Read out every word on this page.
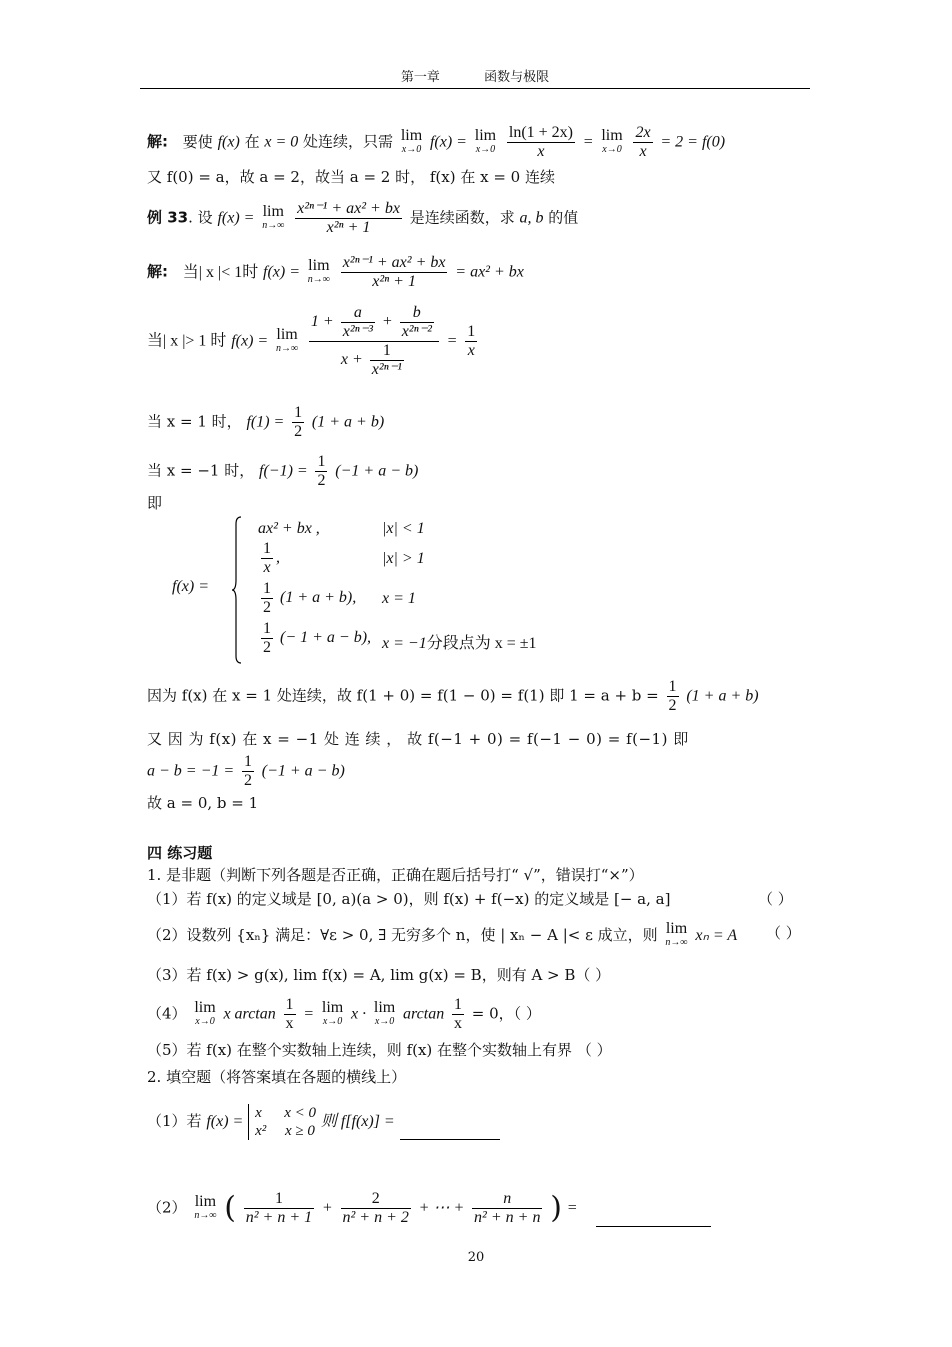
第一章	函数与极限
解: 要使 f(x) 在 x = 0 处连续，只需 lim
x→0 f(x) = lim
x→0
$\frac{\ln(1 + 2x)}{x} = \lim$
x→0
$\frac{2x}{x} = 2 = f(0)$
又 f(0) = a，故 a = 2，故当 a = 2 时， f(x) 在 x = 0 连续
例 33. 设 f(x) = lim
n→∞
$\frac{\text{x²ⁿ⁻¹ + ax² + bx}}{\text{x²ⁿ + 1}}$ 是连续函数，求 a, b 的值
解: 当| x |< 1时 f(x) = lim
n→∞
$\frac{\text{x²ⁿ⁻¹ + ax² + bx}}{\text{x²ⁿ + 1}} = ax^2$ + bx
当| x |> 1 时 f(x) = lim
n→∞
$\frac{1 + \frac{a}{\text{x²ⁿ⁻³}} + \frac{b}{\text{x²ⁿ⁻²}}}{x + \frac{1}{\text{x²ⁿ⁻¹}}} = \frac{1}{x}$
当 x = 1 时， $f(1) = \frac{1}{2} (1 + a + b)$
当 x = −1 时， $f(-1) = \frac{1}{2} (-1 + a - b)$
即
f(x) =
ax² + bx ,	|x| < 1
$\frac{1}{x}$ ,	|x| > 1
$\frac{1}{2} (1 + a + b)$, x = 1
$\frac{1}{2}$ (− 1 + a − b), x = −1分段点为 x = ±1
因为 f(x) 在 x = 1 处连续，故 f(1 + 0) = f(1 − 0) = f(1) 即 $1 = a + b = \frac{1}{2} (1 + a + b)$
又 因 为 f(x) 在 x = −1 处 连 续 ， 故 f(−1 + 0) = f(−1 − 0) = f(−1) 即
$a - b = -1 = \frac{1}{2} (-1 + a - b)$
故 a = 0, b = 1
四 练习题
1. 是非题（判断下列各题是否正确，正确在题后括号打“ √”，错误打“×”）
（1）若 f(x) 的定义域是 [0, a)(a > 0)，则 f(x) + f(−x) 的定义域是 [− a, a]	（ ）
（2）设数列 {xₙ} 满足：∀ε > 0, ∃ 无穷多个 n，使 | xₙ − A |< ε 成立，则 lim
n→∞ xₙ = A （ ）
（3）若 f(x) > g(x), lim f(x) = A, lim g(x) = B，则有 A > B（ ）
（4） lim
x→0 x $\arctan \frac{1}{x} = \lim$
x→0 x · lim
x→0 $\arctan \frac{1}{x} = 0$，（ ）
（5）若 f(x) 在整个实数轴上连续，则 f(x) 在整个实数轴上有界 （ ）
2. 填空题（将答案填在各题的横线上）
（1）若 f(x) = x      x < 0
x²     x ≥ 0
则 f[f(x)] =
（2） lim
n→∞ ( $\frac{1}{\text{n² + n + 1}} + \frac{2}{\text{n² + n + 2}}$ + ⋯ + $\frac{n}{\text{n² + n + n}}$ ) =
20
